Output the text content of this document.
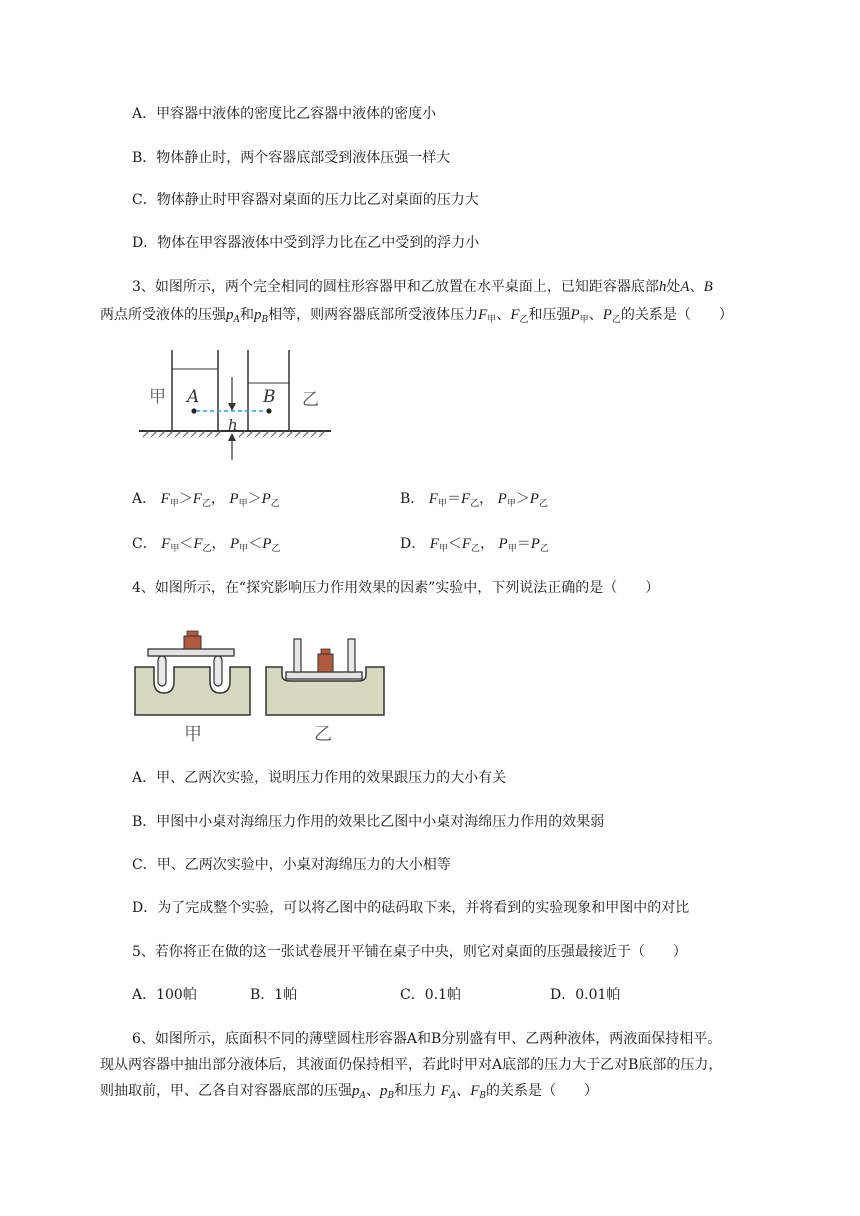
A．甲容器中液体的密度比乙容器中液体的密度小
B．物体静止时，两个容器底部受到液体压强一样大
C．物体静止时甲容器对桌面的压力比乙对桌面的压力大
D．物体在甲容器液体中受到浮力比在乙中受到的浮力小
3、如图所示，两个完全相同的圆柱形容器甲和乙放置在水平桌面上，已知距容器底部h处A、B
两点所受液体的压强$p_A$和$p_B$相等，则两容器底部所受液体压力$F_甲$、$F_乙$和压强$P_甲$、$P_乙$的关系是（　　）
甲 A	B 乙
h
A． $F_甲>F_乙$， $P_甲>P_乙$	B． $F_甲=F_乙$， $P_甲>P_乙$
C． $F_甲<F_乙$， $P_甲<P_乙$	D． $F_甲<F_乙$， $P_甲=P_乙$
4、如图所示，在“探究影响压力作用效果的因素”实验中，下列说法正确的是（　　）
甲	乙
A．甲、乙两次实验，说明压力作用的效果跟压力的大小有关
B．甲图中小桌对海绵压力作用的效果比乙图中小桌对海绵压力作用的效果弱
C．甲、乙两次实验中，小桌对海绵压力的大小相等
D．为了完成整个实验，可以将乙图中的砝码取下来，并将看到的实验现象和甲图中的对比
5、若你将正在做的这一张试卷展开平铺在桌子中央，则它对桌面的压强最接近于（　　）
A．100帕	B．1帕	C．0.1帕	D．0.01帕
6、如图所示，底面积不同的薄壁圆柱形容器A和B分别盛有甲、乙两种液体，两液面保持相平。
现从两容器中抽出部分液体后，其液面仍保持相平，若此时甲对A底部的压力大于乙对B底部的压力，
则抽取前，甲、乙各自对容器底部的压强$p_A$、$p_B$和压力 $F_A$、$F_B$的关系是（　　）
